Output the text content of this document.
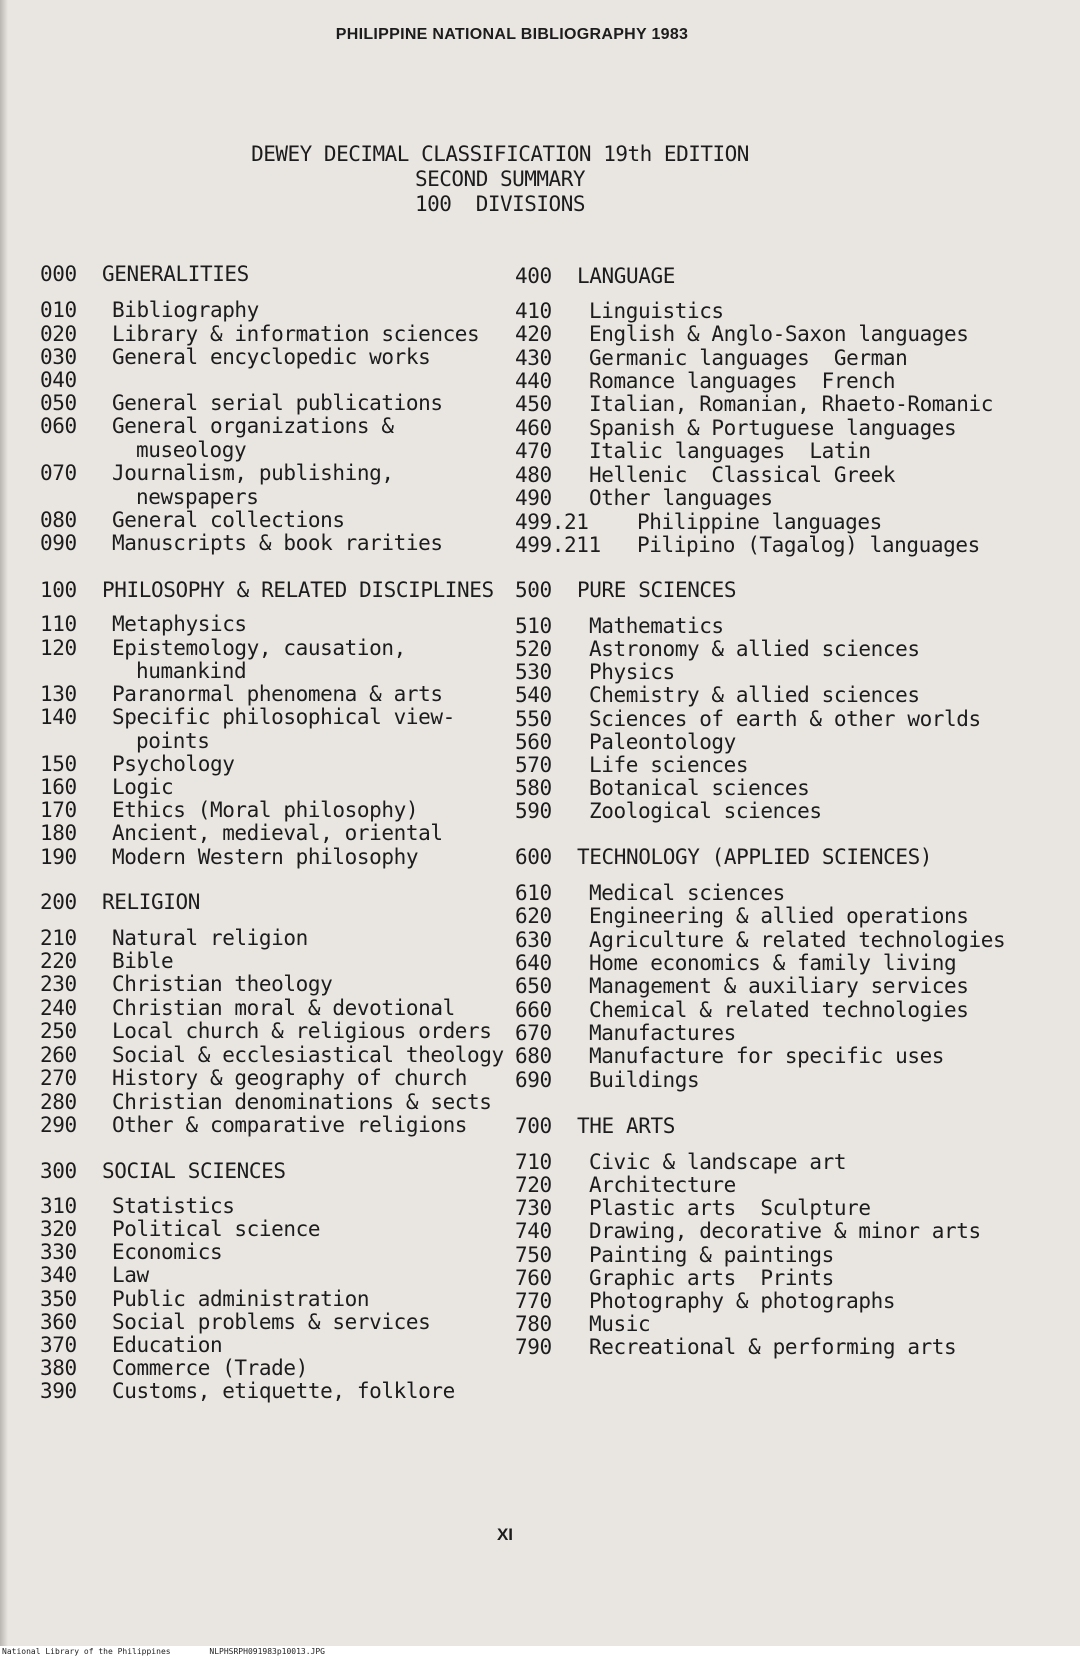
PHILIPPINE NATIONAL BIBLIOGRAPHY 1983
DEWEY DECIMAL CLASSIFICATION 19th EDITION
SECOND SUMMARY
100  DIVISIONS
000 GENERALITIES
010 Bibliography
020 Library & information sciences
030 General encyclopedic works
040
050 General serial publications
060 General organizations &
museology
070 Journalism, publishing,
newspapers
080 General collections
090 Manuscripts & book rarities
100 PHILOSOPHY & RELATED DISCIPLINES
110 Metaphysics
120 Epistemology, causation,
humankind
130 Paranormal phenomena & arts
140 Specific philosophical view-
points
150 Psychology
160 Logic
170 Ethics (Moral philosophy)
180 Ancient, medieval, oriental
190 Modern Western philosophy
200 RELIGION
210 Natural religion
220 Bible
230 Christian theology
240 Christian moral & devotional
250 Local church & religious orders
260 Social & ecclesiastical theology
270 History & geography of church
280 Christian denominations & sects
290 Other & comparative religions
300 SOCIAL SCIENCES
310 Statistics
320 Political science
330 Economics
340 Law
350 Public administration
360 Social problems & services
370 Education
380 Commerce (Trade)
390 Customs, etiquette, folklore
400 LANGUAGE
410 Linguistics
420 English & Anglo-Saxon languages
430 Germanic languages  German
440 Romance languages  French
450 Italian, Romanian, Rhaeto-Romanic
460 Spanish & Portuguese languages
470 Italic languages  Latin
480 Hellenic  Classical Greek
490 Other languages
499.21 Philippine languages
499.211 Pilipino (Tagalog) languages
500 PURE SCIENCES
510 Mathematics
520 Astronomy & allied sciences
530 Physics
540 Chemistry & allied sciences
550 Sciences of earth & other worlds
560 Paleontology
570 Life sciences
580 Botanical sciences
590 Zoological sciences
600 TECHNOLOGY (APPLIED SCIENCES)
610 Medical sciences
620 Engineering & allied operations
630 Agriculture & related technologies
640 Home economics & family living
650 Management & auxiliary services
660 Chemical & related technologies
670 Manufactures
680 Manufacture for specific uses
690 Buildings
700 THE ARTS
710 Civic & landscape art
720 Architecture
730 Plastic arts  Sculpture
740 Drawing, decorative & minor arts
750 Painting & paintings
760 Graphic arts  Prints
770 Photography & photographs
780 Music
790 Recreational & performing arts
XI
National Library of the Philippines	NLPHSRPH091983p10013.JPG
